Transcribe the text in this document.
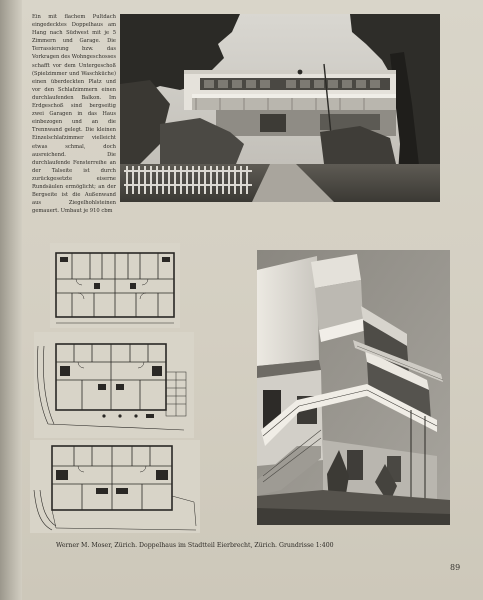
Ein mit flachem Pultdach eingedecktes Doppelhaus am Hang nach Südwest mit je 5 Zimmern und Garage. Die Terrassierung bzw. das Vorkragen des Wohngeschosses schafft vor dem Untergeschoß (Spielzimmer und Waschküche) einen überdeckten Platz und vor den Schlafzimmern einen durchlaufenden Balkon. Im Erdgeschoß sind bergseitig zwei Garagen in das Haus einbezogen und an die Trennwand gelegt. Die kleinen Einzelschlafzimmer vielleicht etwas schmal, doch ausreichend. Die durchlaufende Fensterreihe an der Talseite ist durch zurückgesetzte eiserne Rundsäulen ermöglicht; an der Bergseite ist die Außenwand aus Ziegelhohlsteinen gemauert. Umbaut je 910 cbm
Werner M. Moser, Zürich. Doppelhaus im Stadtteil Eierbrecht, Zürich. Grundrisse 1:400
89
